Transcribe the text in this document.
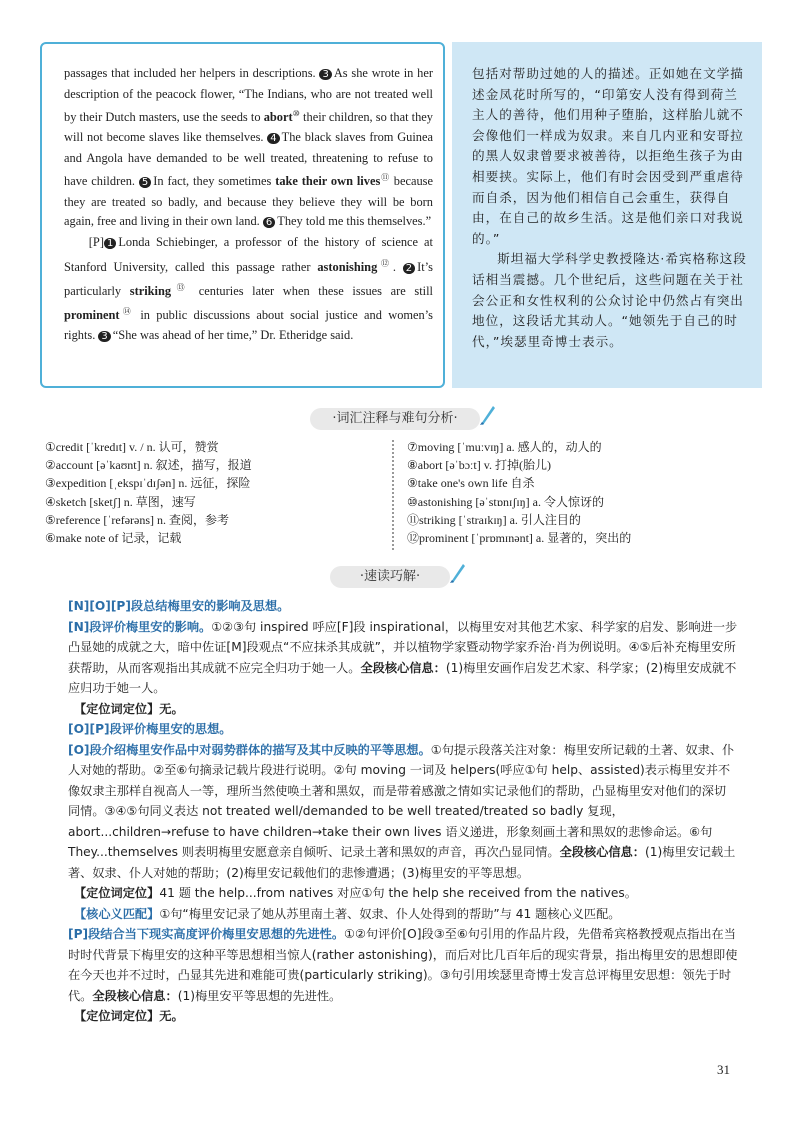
passages that included her helpers in descriptions. 3 As she wrote in her description of the peacock flower, “The Indians, who are not treated well by their Dutch masters, use the seeds to abort⑩ their children, so that they will not become slaves like themselves. 4 The black slaves from Guinea and Angola have demanded to be well treated, threatening to refuse to have children. 5 In fact, they sometimes take their own lives⑪ because they are treated so badly, and because they believe they will be born again, free and living in their own land. 6 They told me this themselves.”

[P] 1 Londa Schiebinger, a professor of the history of science at Stanford University, called this passage rather astonishing⑫. 2 It’s particularly striking⑬ centuries later when these issues are still prominent⑭ in public discussions about social justice and women’s rights. 3 “She was ahead of her time,” Dr. Etheridge said.

包括对帮助过她的人的描述。正如她在文学描述金凤花时所写的，“印第安人没有得到荷兰主人的善待，他们用种子堕胎，这样胎儿就不会像他们一样成为奴隶。来自几内亚和安哥拉的黑人奴隶曾要求被善待，以拒绝生孩子为由相要挟。实际上，他们有时会因受到严重虐待而自杀，因为他们相信自己会重生，获得自由，在自己的故乡生活。这是他们亲口对我说的。”

斯坦福大学科学史教授隆达·希宾格称这段话相当震撼。几个世纪后，这些问题在关于社会公正和女性权利的公众讨论中仍然占有突出地位，这段话尤其动人。“她领先于自己的时代，”埃瑟里奇博士表示。

·词汇注释与难句分析·
①credit [ˈkredɪt] v. / n. 认可，赞赏
②account [əˈkaʊnt] n. 叙述，描写，报道
③expedition [ˌekspɪˈdɪʃən] n. 远征，探险
④sketch [sketʃ] n. 草图，速写
⑤reference [ˈrefərəns] n. 查阅，参考
⑥make note of 记录，记载
⑦moving [ˈmuːvɪŋ] a. 感人的，动人的
⑧abort [əˈbɔːt] v. 打掉(胎儿)
⑨take one's own life 自杀
⑩astonishing [əˈstɒnɪʃɪŋ] a. 令人惊讶的
⑪striking [ˈstraɪkɪŋ] a. 引人注目的
⑫prominent [ˈprɒmɪnənt] a. 显著的，突出的
·速读巧解·

[N][O][P]段总结梅里安的影响及思想。

[N]段评价梅里安的影响。①②③句 inspired 呼应[F]段 inspirational，以梅里安对其他艺术家、科学家的启发、影响进一步凸显她的成就之大，暗中佐证[M]段观点“不应抹杀其成就”，并以植物学家暨动物学家乔治·肖为例说明。④⑤后补充梅里安所获帮助，从而客观指出其成就不应完全归功于她一人。全段核心信息：(1)梅里安画作启发艺术家、科学家；(2)梅里安成就不应归功于她一人。

【定位词定位】无。

[O][P]段评价梅里安的思想。

[O]段介绍梅里安作品中对弱势群体的描写及其中反映的平等思想。①句提示段落关注对象：梅里安所记载的土著、奴隶、仆人对她的帮助。②至⑥句摘录记载片段进行说明。②句 moving 一词及 helpers(呼应①句 help、assisted)表示梅里安并不像奴隶主那样自视高人一等，理所当然使唤土著和黑奴，而是带着感激之情如实记录他们的帮助，凸显梅里安对他们的深切同情。③④⑤句同义表达 not treated well/demanded to be well treated/treated so badly 复现，abort...children→refuse to have children→take their own lives 语义递进，形象刻画土著和黑奴的悲惨命运。⑥句 They...themselves 则表明梅里安愿意亲自倾听、记录土著和黑奴的声音，再次凸显同情。全段核心信息：(1)梅里安记载土著、奴隶、仆人对她的帮助；(2)梅里安记载他们的悲惨遭遇；(3)梅里安的平等思想。

【定位词定位】41 题 the help...from natives 对应①句 the help she received from the natives。

【核心义匹配】①句“梅里安记录了她从苏里南土著、奴隶、仆人处得到的帮助”与 41 题核心义匹配。

[P]段结合当下现实高度评价梅里安思想的先进性。①②句评价[O]段③至⑥句引用的作品片段，先借希宾格教授观点指出在当时时代背景下梅里安的这种平等思想相当惊人(rather astonishing)，而后对比几百年后的现实背景，指出梅里安的思想即使在今天也并不过时，凸显其先进和难能可贵(particularly striking)。③句引用埃瑟里奇博士发言总评梅里安思想：领先于时代。全段核心信息：(1)梅里安平等思想的先进性。

【定位词定位】无。

31
